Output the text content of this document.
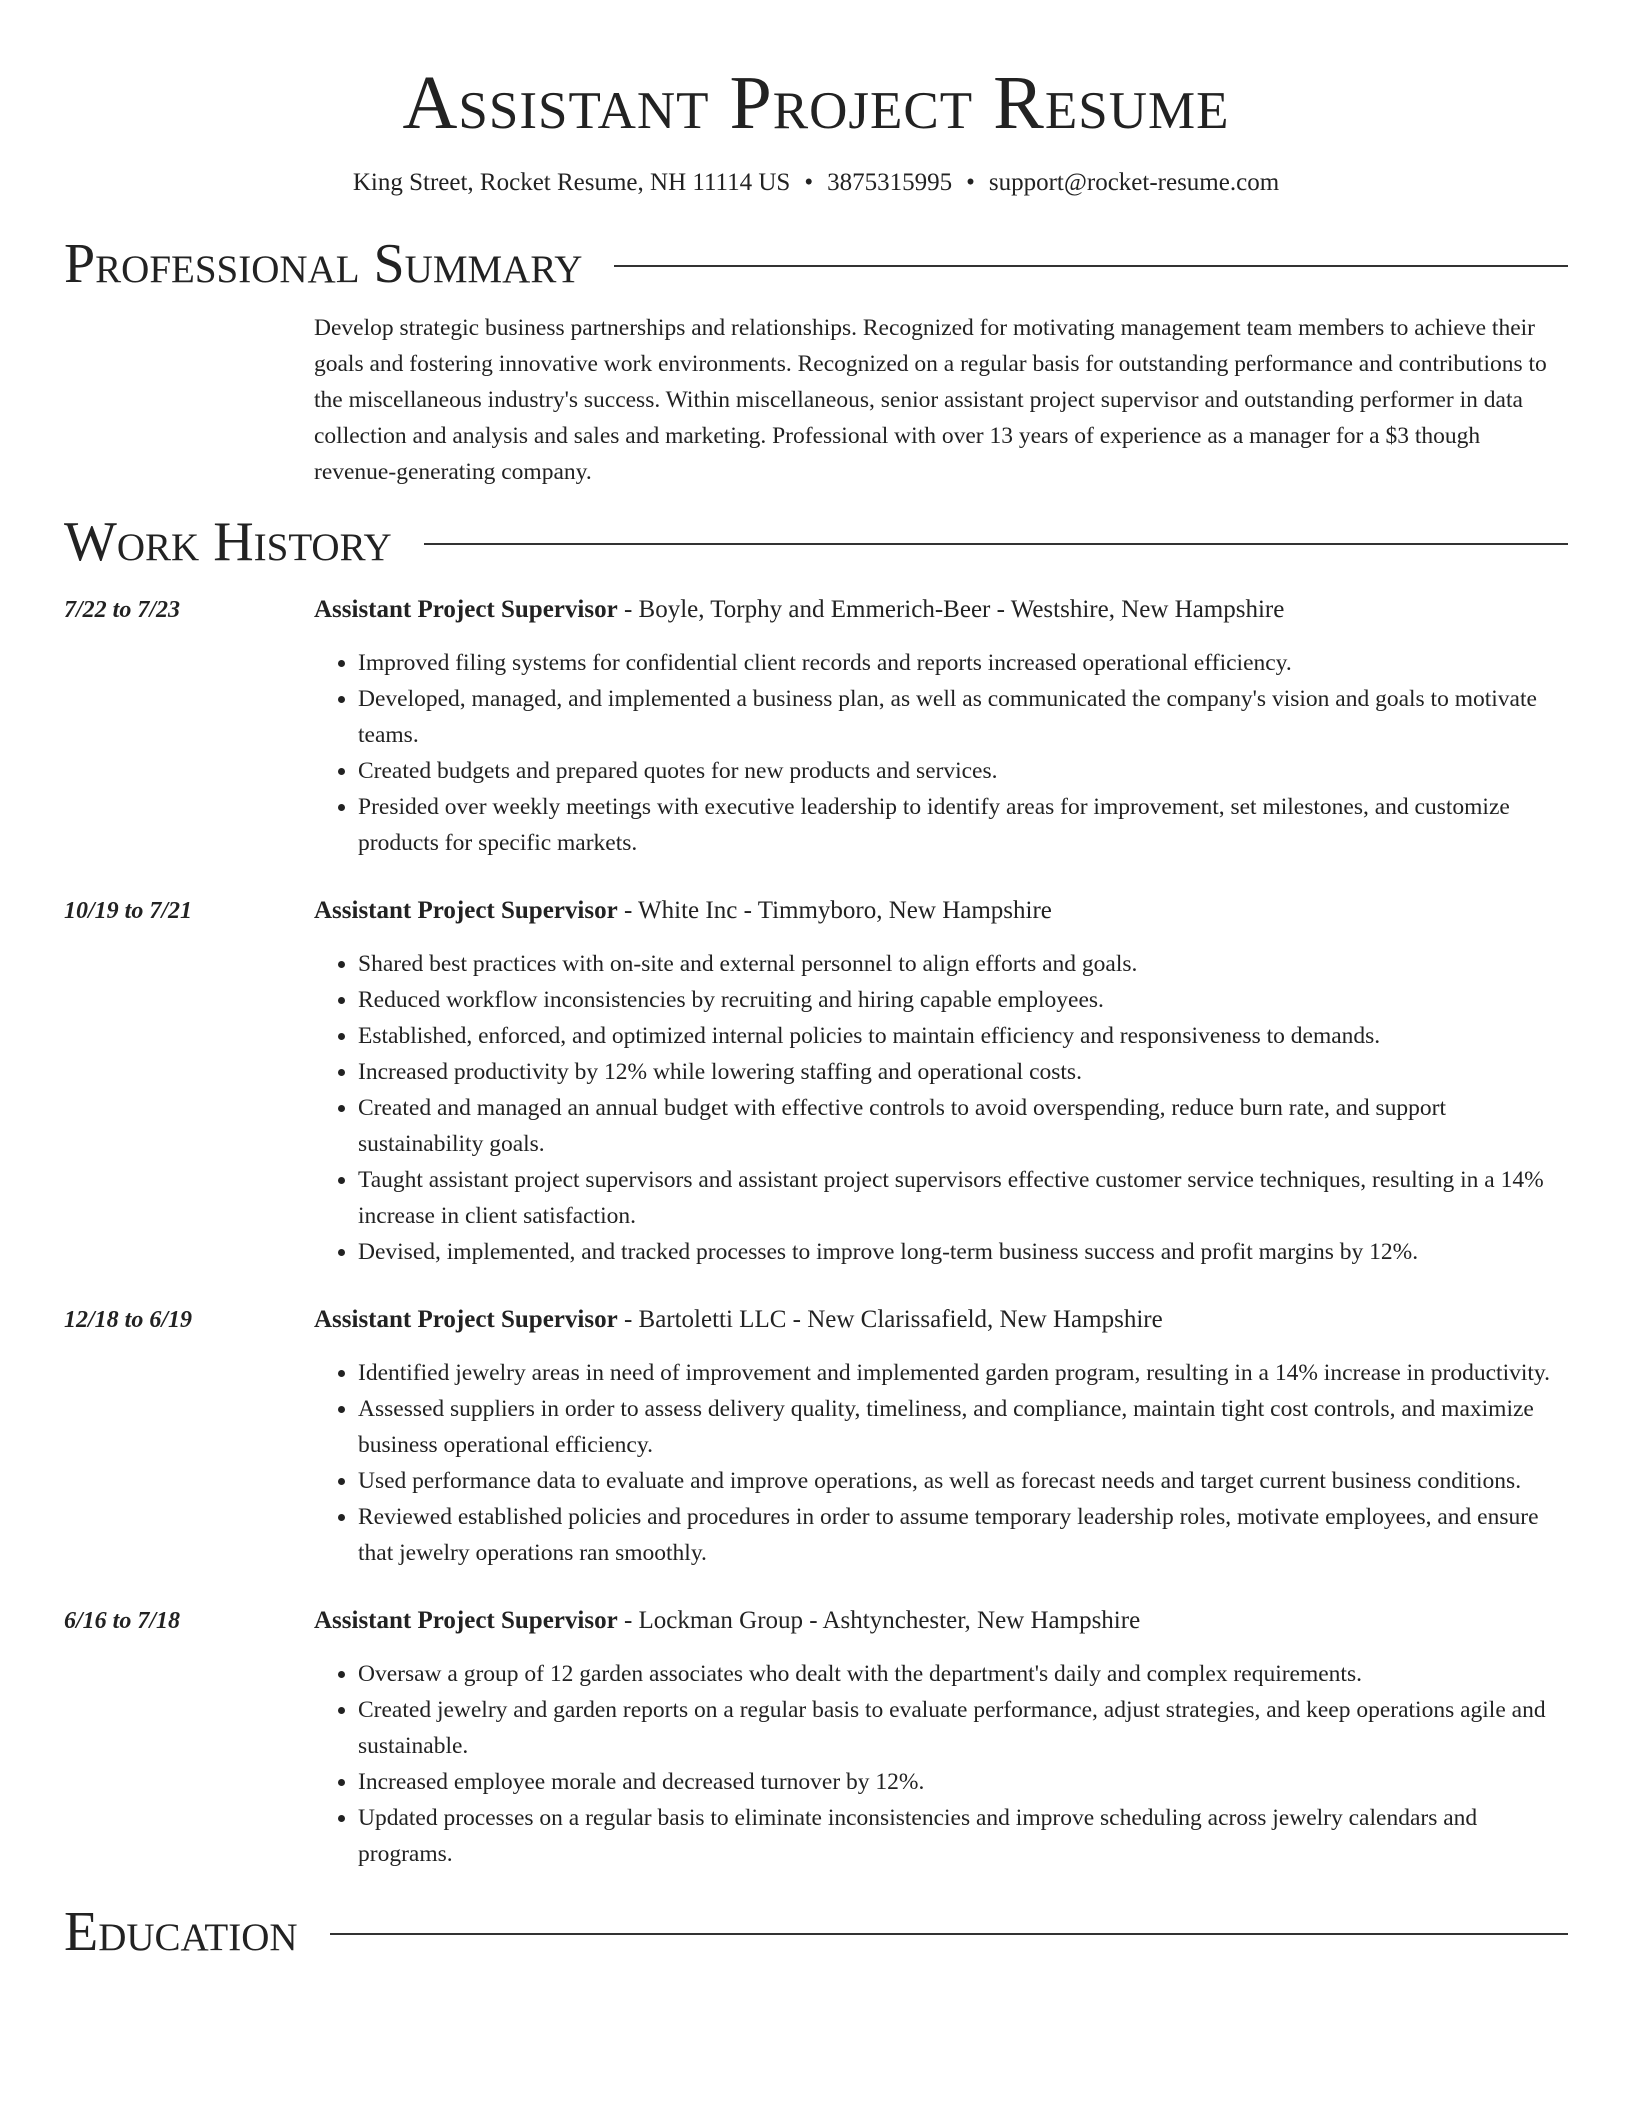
Assistant Project Resume
King Street, Rocket Resume, NH 11114 US • 3875315995 • support@rocket-resume.com
Professional Summary
Develop strategic business partnerships and relationships. Recognized for motivating management team members to achieve their goals and fostering innovative work environments. Recognized on a regular basis for outstanding performance and contributions to the miscellaneous industry's success. Within miscellaneous, senior assistant project supervisor and outstanding performer in data collection and analysis and sales and marketing. Professional with over 13 years of experience as a manager for a $3 though revenue-generating company.
Work History
7/22 to 7/23	Assistant Project Supervisor - Boyle, Torphy and Emmerich-Beer - Westshire, New Hampshire
• Improved filing systems for confidential client records and reports increased operational efficiency.
• Developed, managed, and implemented a business plan, as well as communicated the company's vision and goals to motivate teams.
• Created budgets and prepared quotes for new products and services.
• Presided over weekly meetings with executive leadership to identify areas for improvement, set milestones, and customize products for specific markets.
10/19 to 7/21	Assistant Project Supervisor - White Inc - Timmyboro, New Hampshire
• Shared best practices with on-site and external personnel to align efforts and goals.
• Reduced workflow inconsistencies by recruiting and hiring capable employees.
• Established, enforced, and optimized internal policies to maintain efficiency and responsiveness to demands.
• Increased productivity by 12% while lowering staffing and operational costs.
• Created and managed an annual budget with effective controls to avoid overspending, reduce burn rate, and support sustainability goals.
• Taught assistant project supervisors and assistant project supervisors effective customer service techniques, resulting in a 14% increase in client satisfaction.
• Devised, implemented, and tracked processes to improve long-term business success and profit margins by 12%.
12/18 to 6/19	Assistant Project Supervisor - Bartoletti LLC - New Clarissafield, New Hampshire
• Identified jewelry areas in need of improvement and implemented garden program, resulting in a 14% increase in productivity.
• Assessed suppliers in order to assess delivery quality, timeliness, and compliance, maintain tight cost controls, and maximize business operational efficiency.
• Used performance data to evaluate and improve operations, as well as forecast needs and target current business conditions.
• Reviewed established policies and procedures in order to assume temporary leadership roles, motivate employees, and ensure that jewelry operations ran smoothly.
6/16 to 7/18	Assistant Project Supervisor - Lockman Group - Ashtynchester, New Hampshire
• Oversaw a group of 12 garden associates who dealt with the department's daily and complex requirements.
• Created jewelry and garden reports on a regular basis to evaluate performance, adjust strategies, and keep operations agile and sustainable.
• Increased employee morale and decreased turnover by 12%.
• Updated processes on a regular basis to eliminate inconsistencies and improve scheduling across jewelry calendars and programs.
Education
